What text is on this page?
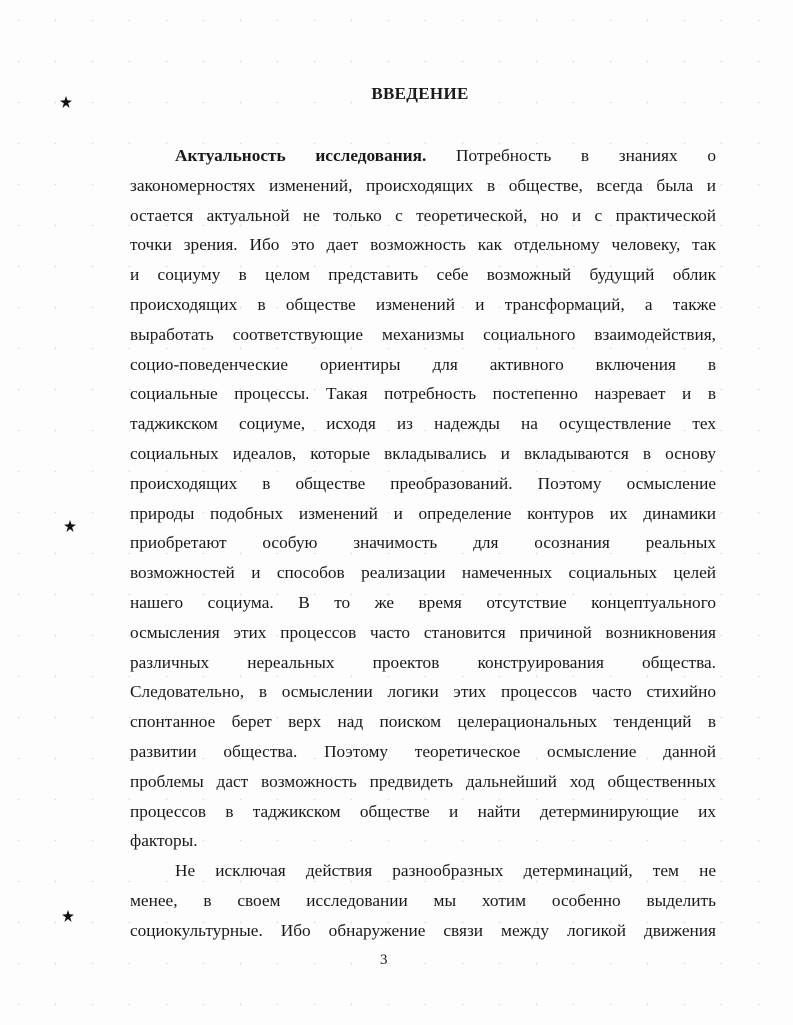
ВВЕДЕНИЕ
Актуальность исследования. Потребность в знаниях о
закономерностях изменений, происходящих в обществе, всегда была и
остается актуальной не только с теоретической, но и с практической
точки зрения. Ибо это дает возможность как отдельному человеку, так
и социуму в целом представить себе возможный будущий облик
происходящих в обществе изменений и трансформаций, а также
выработать соответствующие механизмы социального взаимодействия,
социо-поведенческие ориентиры для активного включения в
социальные процессы. Такая потребность постепенно назревает и в
таджикском социуме, исходя из надежды на осуществление тех
социальных идеалов, которые вкладывались и вкладываются в основу
происходящих в обществе преобразований. Поэтому осмысление
природы подобных изменений и определение контуров их динамики
приобретают особую значимость для осознания реальных
возможностей и способов реализации намеченных социальных целей
нашего социума. В то же время отсутствие концептуального
осмысления этих процессов часто становится причиной возникновения
различных нереальных проектов конструирования общества.
Следовательно, в осмыслении логики этих процессов часто стихийно
спонтанное берет верх над поиском целерациональных тенденций в
развитии общества. Поэтому теоретическое осмысление данной
проблемы даст возможность предвидеть дальнейший ход общественных
процессов в таджикском обществе и найти детерминирующие их
факторы.
Не исключая действия разнообразных детерминаций, тем не
менее, в своем исследовании мы хотим особенно выделить
социокультурные. Ибо обнаружение связи между логикой движения
3
